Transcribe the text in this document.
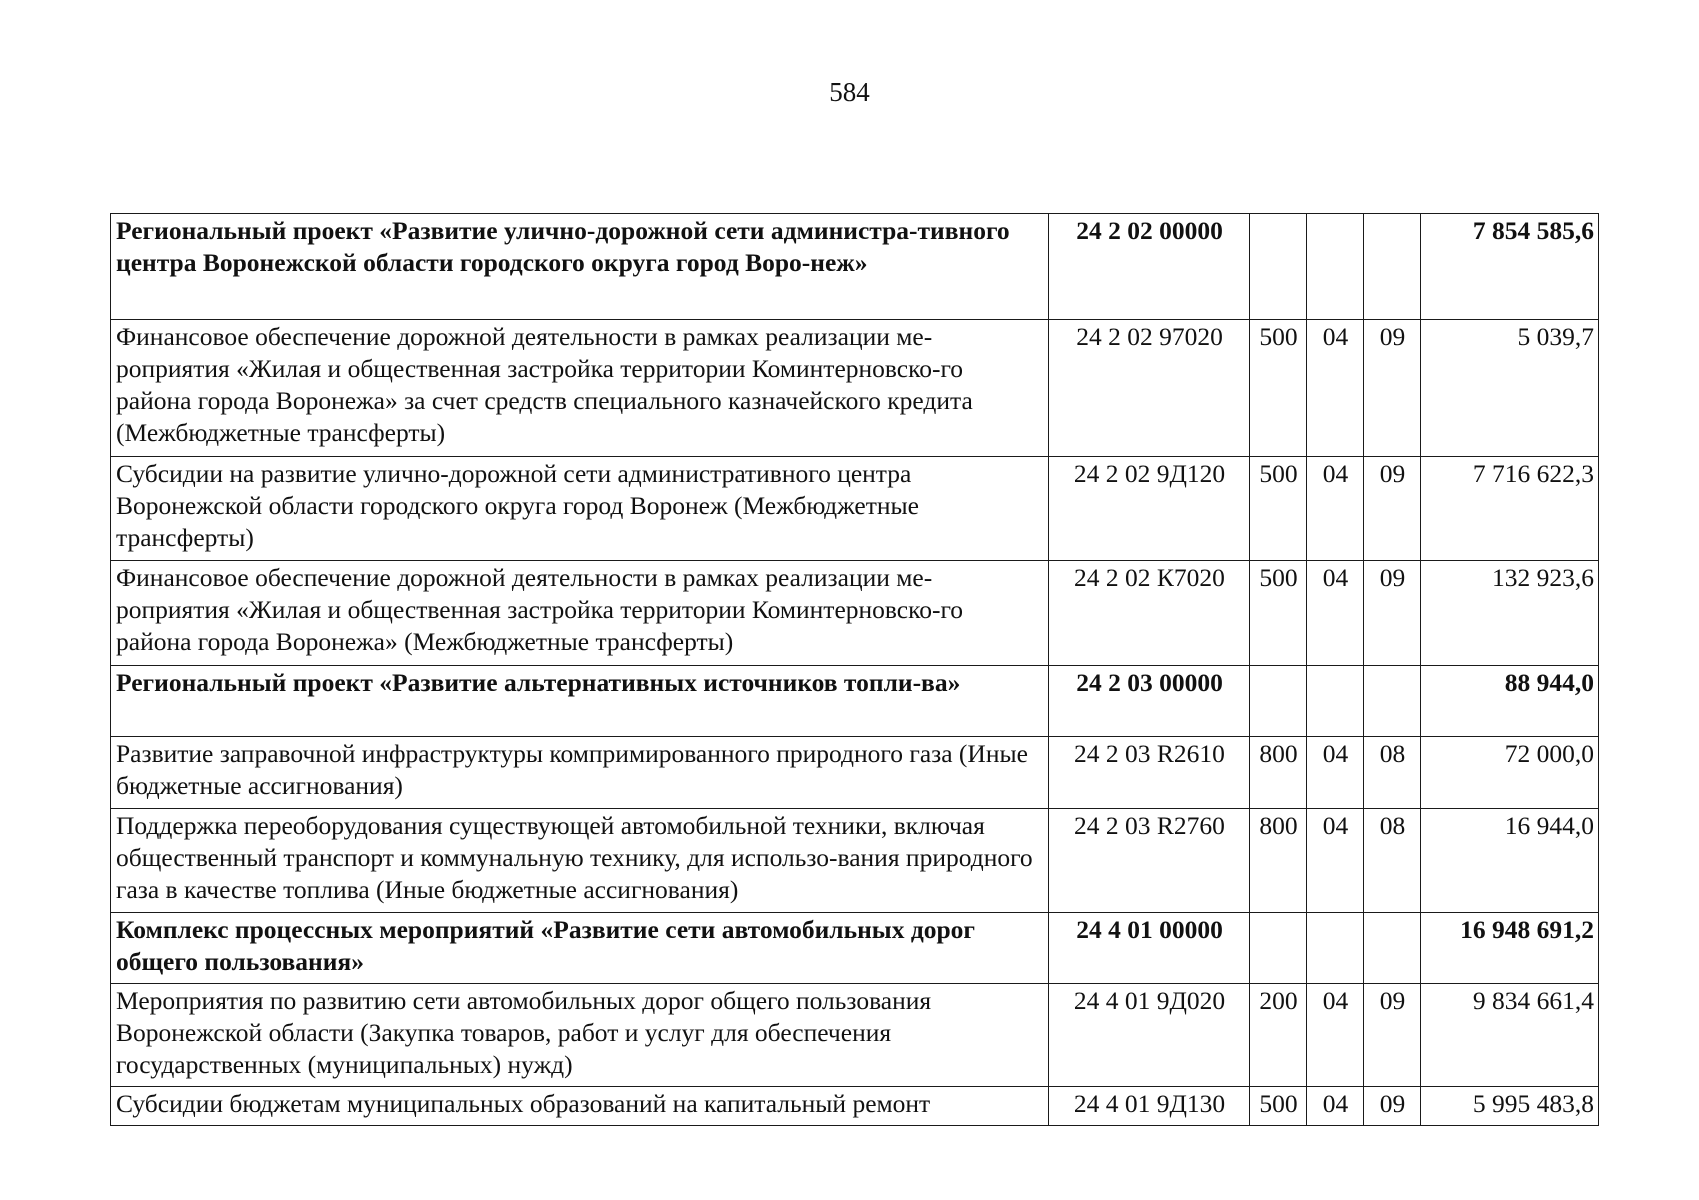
584
Региональный проект «Развитие улично-дорожной сети администра-тивного центра Воронежской области городского округа город Воро-неж»	24 2 02 00000				7 854 585,6
Финансовое обеспечение дорожной деятельности в рамках реализации ме-роприятия «Жилая и общественная застройка территории Коминтерновско-го района города Воронежа» за счет средств специального казначейского кредита (Межбюджетные трансферты)	24 2 02 97020	500	04	09	5 039,7
Субсидии на развитие улично-дорожной сети административного центра Воронежской области городского округа город Воронеж (Межбюджетные трансферты)	24 2 02 9Д120	500	04	09	7 716 622,3
Финансовое обеспечение дорожной деятельности в рамках реализации ме-роприятия «Жилая и общественная застройка территории Коминтерновско-го района города Воронежа» (Межбюджетные трансферты)	24 2 02 К7020	500	04	09	132 923,6
Региональный проект «Развитие альтернативных источников топли-ва»	24 2 03 00000				88 944,0
Развитие заправочной инфраструктуры компримированного природного газа (Иные бюджетные ассигнования)	24 2 03 R2610	800	04	08	72 000,0
Поддержка переоборудования существующей автомобильной техники, включая общественный транспорт и коммунальную технику, для использо-вания природного газа в качестве топлива (Иные бюджетные ассигнования)	24 2 03 R2760	800	04	08	16 944,0
Комплекс процессных мероприятий «Развитие сети автомобильных дорог общего пользования»	24 4 01 00000				16 948 691,2
Мероприятия по развитию сети автомобильных дорог общего пользования Воронежской области (Закупка товаров, работ и услуг для обеспечения государственных (муниципальных) нужд)	24 4 01 9Д020	200	04	09	9 834 661,4
Субсидии бюджетам муниципальных образований на капитальный ремонт	24 4 01 9Д130	500	04	09	5 995 483,8
